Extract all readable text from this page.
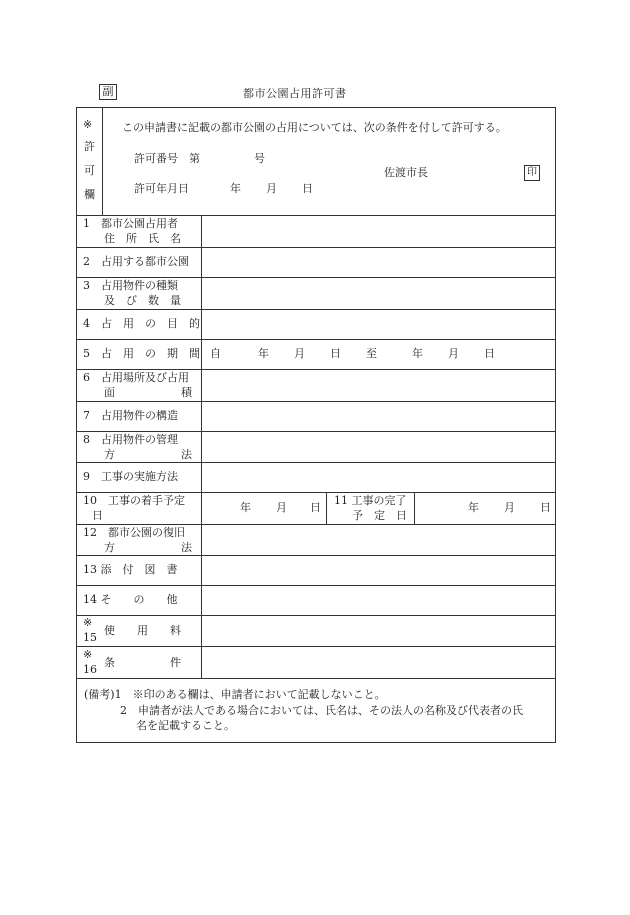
副	都市公園占用許可書
※
許
可
欄
この申請書に記載の都市公園の占用については、次の条件を付して許可する。
許可番号　第	号
許可年月日	年 月 日
佐渡市長	印
1　都市公園占用者
住　所　氏　名
2　占用する都市公園
3　占用物件の種類
及　び　数　量
4　占　用　の　目　的
5　占　用　の　期　間 自	年 月 日 至	年 月 日
6　占用場所及び占用
面　　　　　　積
7　占用物件の構造
8　占用物件の管理
方　　　　　　法
9　工事の実施方法
10　工事の着手予定
日
年 月 日
11 工事の完了
予　定　日
年 月 日
12　都市公園の復旧
方　　　　　　法
13 添　付　図　書
14 そ　　の　　他
※
15
使　　用　　料
※
16
条　　　　　件
(備考)1　※印のある欄は、申請者において記載しないこと。
2　申請者が法人である場合においては、氏名は、その法人の名称及び代表者の氏
名を記載すること。
